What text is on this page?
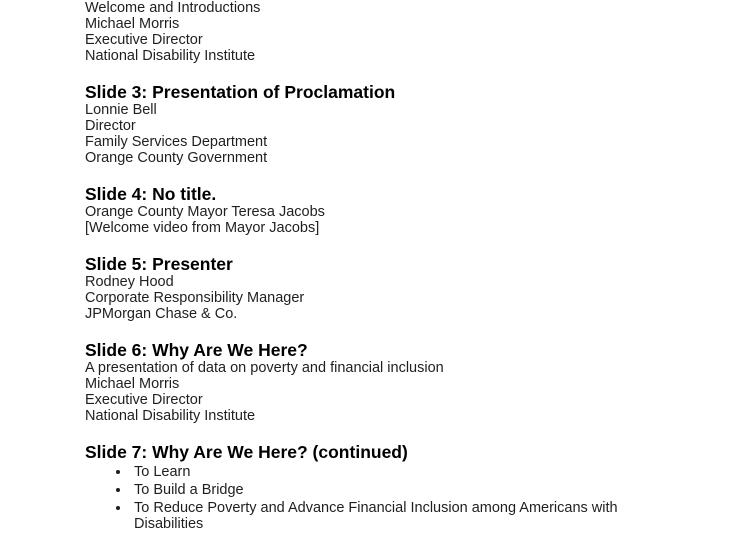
Welcome and Introductions

Michael Morris

Executive Director

National Disability Institute

Slide 3: Presentation of Proclamation

Lonnie Bell

Director

Family Services Department

Orange County Government

Slide 4: No title.

Orange County Mayor Teresa Jacobs

[Welcome video from Mayor Jacobs]

Slide 5: Presenter

Rodney Hood

Corporate Responsibility Manager

JPMorgan Chase & Co.

Slide 6: Why Are We Here?

A presentation of data on poverty and financial inclusion

Michael Morris

Executive Director

National Disability Institute

Slide 7: Why Are We Here? (continued)
• To Learn
• To Build a Bridge
• To Reduce Poverty and Advance Financial Inclusion among Americans with Disabilities
